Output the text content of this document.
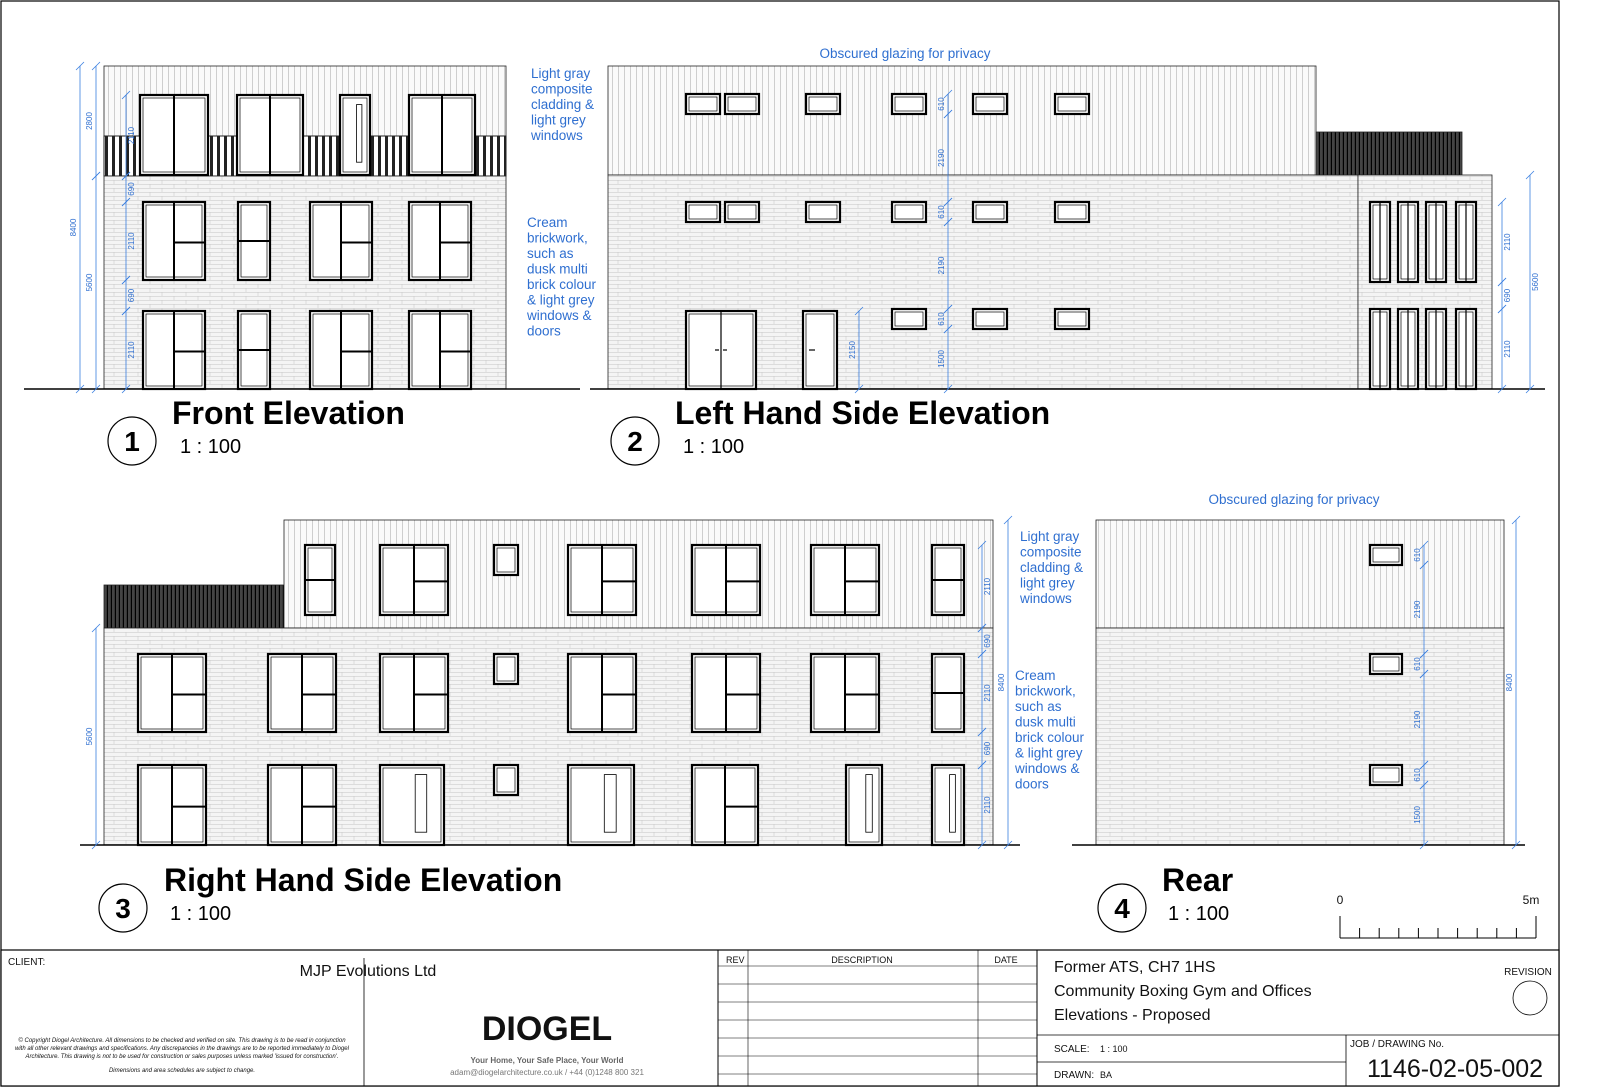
8400
2800
5600
2110
690
2110
690
2110
Light gray composite cladding & light grey windows
Cream brickwork, such as dusk multi brick colour & light grey windows & doors
610
2190
610
2190
610
1500
2150
2110
690
2110
5600
Obscured glazing for privacy
5600
2110
690
2110
690
2110
8400
Light gray composite cladding & light grey windows
Cream brickwork, such as dusk multi brick colour & light grey windows & doors
610
2190
610
2190
610
1500
8400
Obscured glazing for privacy
1
Front Elevation
1 : 100	2
Left Hand Side Elevation
1 : 100
3
Right Hand Side Elevation
1 : 100	4
Rear
1 : 100
0	5m
CLIENT:
MJP Evolutions Ltd
© Copyright Diogel Architecture. All dimensions to be checked and verified on site. This drawing is to be read in conjunction
with all other relevant drawings and specifications. Any discrepancies in the drawings are to be reported immediately to Diogel
Architecture. This drawing is not to be used for construction or sales purposes unless marked 'issued for construction'.
Dimensions and area schedules are subject to change.
DIOGEL
Your Home, Your Safe Place, Your World
adam@diogelarchitecture.co.uk / +44 (0)1248 800 321
REV	DESCRIPTION	DATE Former ATS, CH7 1HS
Community Boxing Gym and Offices
Elevations - Proposed
REVISION
SCALE: 1 : 100
DRAWN: BA
JOB / DRAWING No.
1146-02-05-002
